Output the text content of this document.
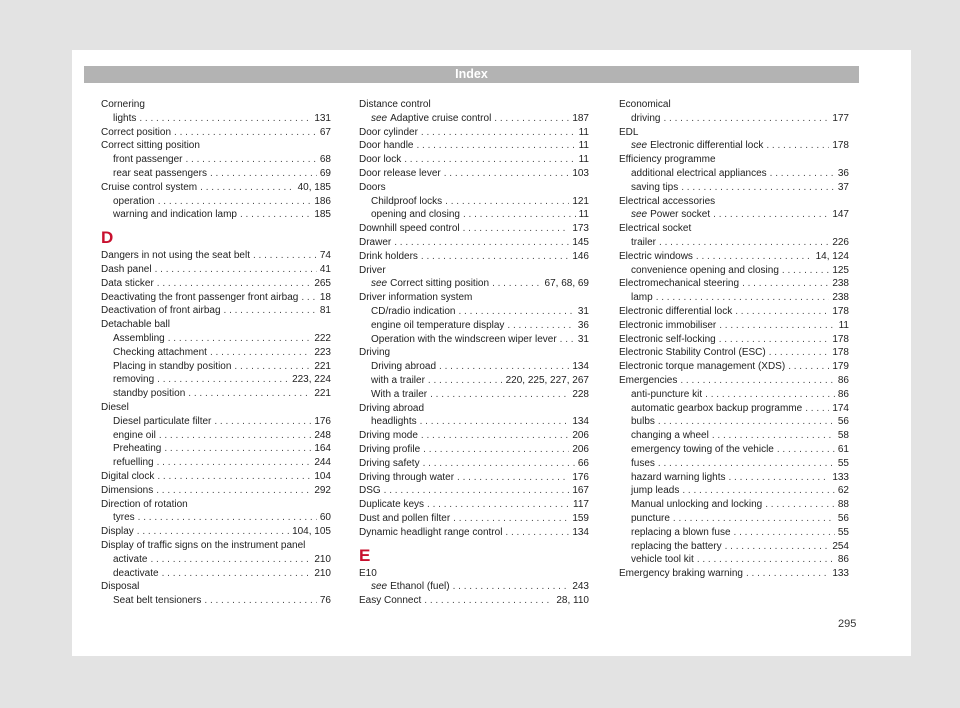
Index
Cornering
lights . . .	131
Correct position . . .	67
Correct sitting position
front passenger . . .	68
rear seat passengers . . .	69
Cruise control system . . .	40, 185
operation . . .	186
warning and indication lamp . . .	185
D
Dangers in not using the seat belt . . .	74
Dash panel . . .	41
Data sticker . . .	265
Deactivating the front passenger front airbag . . . 18
Deactivation of front airbag . . .	81
Detachable ball
Assembling . . .	222
Checking attachment . . .	223
Placing in standby position . . .	221
removing . . .	223, 224
standby position . . .	221
Diesel
Diesel particulate filter . . .	176
engine oil . . .	248
Preheating . . .	164
refuelling . . .	244
Digital clock . . .	104
Dimensions . . .	292
Direction of rotation
tyres . . .	60
Display . . .	104, 105
Display of traffic signs on the instrument panel
activate . . .	210
deactivate . . .	210
Disposal
Seat belt tensioners . . .	76
Distance control
see Adaptive cruise control . . .	187
Door cylinder . . .	11
Door handle . . .	11
Door lock . . .	11
Door release lever . . .	103
Doors
Childproof locks . . .	121
opening and closing . . .	11
Downhill speed control . . .	173
Drawer . . .	145
Drink holders . . .	146
Driver
see Correct sitting position . . .	67, 68, 69
Driver information system
CD/radio indication . . .	31
engine oil temperature display . . .	36
Operation with the windscreen wiper lever . . . 31
Driving
Driving abroad . . .	134
with a trailer . . .	220, 225, 227, 267
With a trailer . . .	228
Driving abroad
headlights . . .	134
Driving mode . . .	206
Driving profile . . .	206
Driving safety . . .	66
Driving through water . . .	176
DSG . . .	167
Duplicate keys . . .	117
Dust and pollen filter . . .	159
Dynamic headlight range control . . .	134
E
E10
see Ethanol (fuel) . . .	243
Easy Connect . . .	28, 110
Economical
driving . . .	177
EDL
see Electronic differential lock . . .	178
Efficiency programme
additional electrical appliances . . .	36
saving tips . . .	37
Electrical accessories
see Power socket . . .	147
Electrical socket
trailer . . .	226
Electric windows . . .	14, 124
convenience opening and closing . . .	125
Electromechanical steering . . .	238
lamp . . .	238
Electronic differential lock . . .	178
Electronic immobiliser . . .	11
Electronic self-locking . . .	178
Electronic Stability Control (ESC) . . .	178
Electronic torque management (XDS) . . .	179
Emergencies . . .	86
anti-puncture kit . . .	86
automatic gearbox backup programme . . .	174
bulbs . . .	56
changing a wheel . . .	58
emergency towing of the vehicle . . .	61
fuses . . .	55
hazard warning lights . . .	133
jump leads . . .	62
Manual unlocking and locking . . .	88
puncture . . .	56
replacing a blown fuse . . .	55
replacing the battery . . .	254
vehicle tool kit . . .	86
Emergency braking warning . . .	133
295
